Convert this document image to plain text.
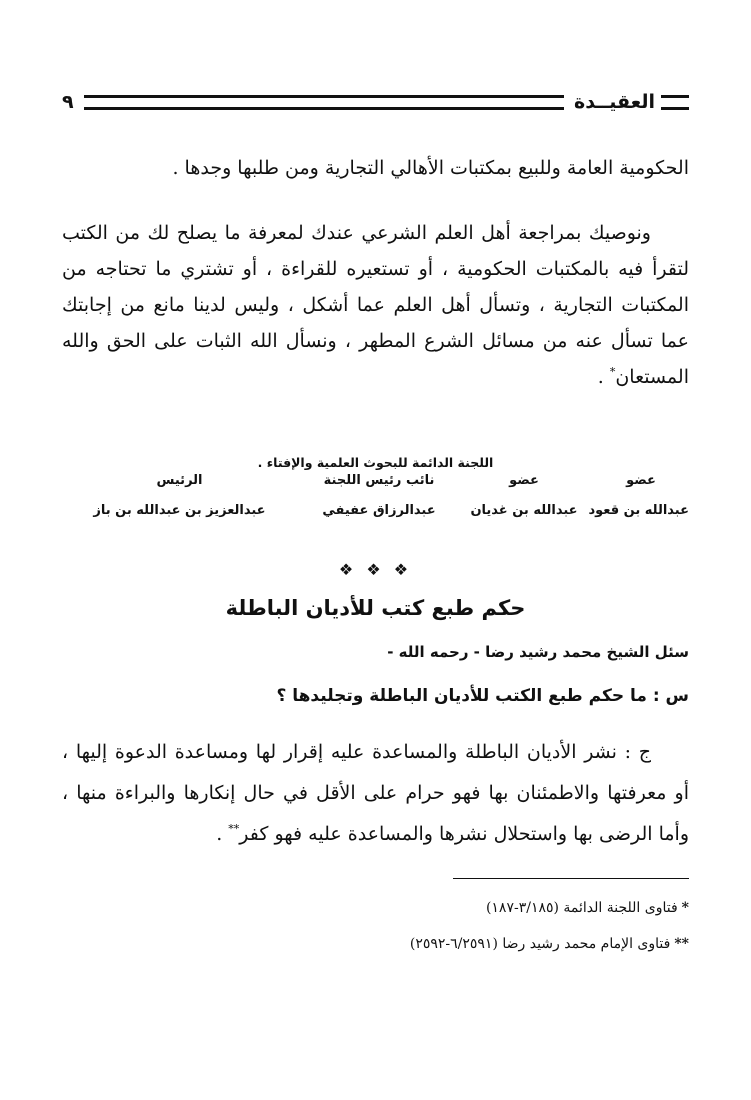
العقيــدة
٩
الحكومية العامة وللبيع بمكتبات الأهالي التجارية ومن طلبها وجدها .
ونوصيك بمراجعة أهل العلم الشرعي عندك لمعرفة ما يصلح لك من الكتب لتقرأ فيه بالمكتبات الحكومية ، أو تستعيره للقراءة ، أو تشتري ما تحتاجه من المكتبات التجارية ، وتسأل أهل العلم عما أشكل ، وليس لدينا مانع من إجابتك عما تسأل عنه من مسائل الشرع المطهر ، ونسأل الله الثبات على الحق والله المستعان* .
اللجنة الدائمة للبحوث العلمية والإفتاء .
عضو
عضو
نائب رئيس اللجنة
الرئيس
عبدالله بن قعود
عبدالله بن غديان
عبدالرزاق عفيفي
عبدالعزيز بن عبدالله بن باز
❖ ❖ ❖
حكم طبع كتب للأديان الباطلة
سئل الشيخ محمد رشيد رضا - رحمه الله -
س : ما حكم طبع الكتب للأديان الباطلة وتجليدها ؟
ج : نشر الأديان الباطلة والمساعدة عليه إقرار لها ومساعدة الدعوة إليها ، أو معرفتها والاطمئنان بها فهو حرام على الأقل في حال إنكارها والبراءة منها ، وأما الرضى بها واستحلال نشرها والمساعدة عليه فهو كفر** .
*فتاوى اللجنة الدائمة (٣/١٨٥-١٨٧)
**فتاوى الإمام محمد رشيد رضا (٦/٢٥٩١-٢٥٩٢)
